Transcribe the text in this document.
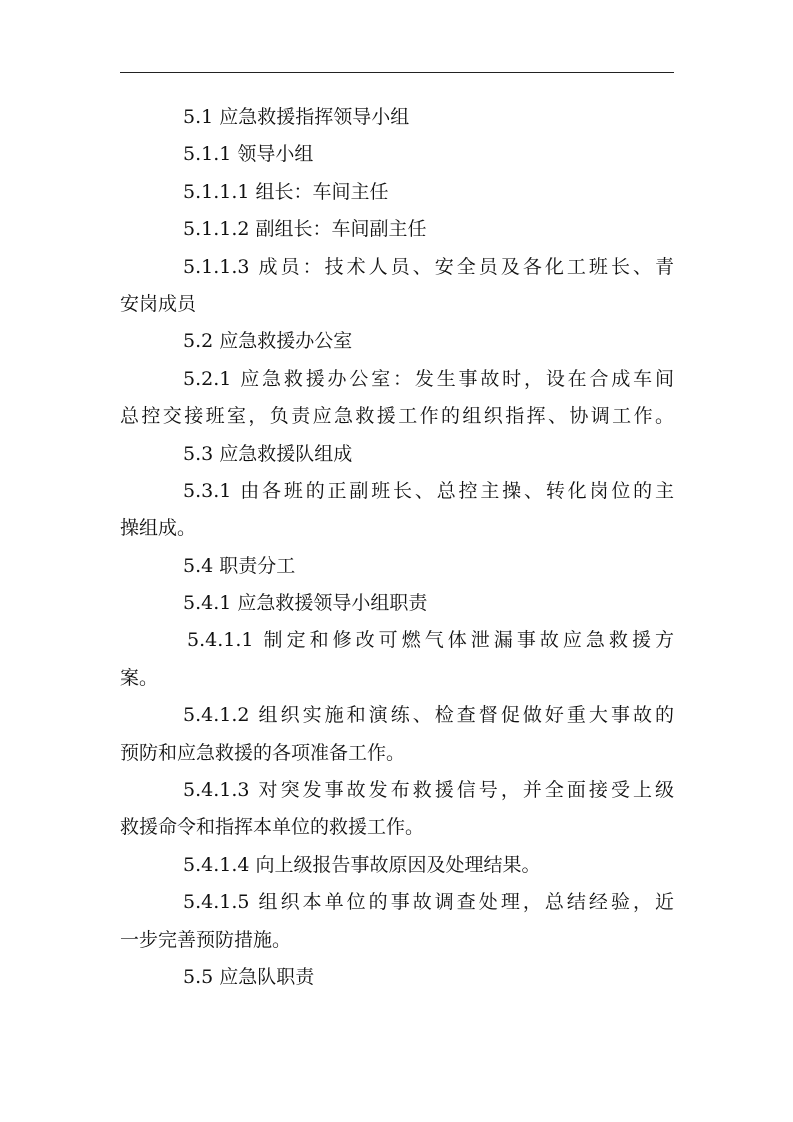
5.1 应急救援指挥领导小组

5.1.1 领导小组

5.1.1.1 组长：车间主任

5.1.1.2 副组长：车间副主任

5.1.1.3 成员：技术人员、安全员及各化工班长、青
安岗成员

5.2 应急救援办公室

5.2.1 应急救援办公室：发生事故时，设在合成车间
总控交接班室，负责应急救援工作的组织指挥、协调工作。

5.3 应急救援队组成

5.3.1 由各班的正副班长、总控主操、转化岗位的主
操组成。

5.4 职责分工

5.4.1 应急救援领导小组职责

5.4.1.1 制定和修改可燃气体泄漏事故应急救援方
案。

5.4.1.2 组织实施和演练、检查督促做好重大事故的
预防和应急救援的各项准备工作。

5.4.1.3 对突发事故发布救援信号，并全面接受上级
救援命令和指挥本单位的救援工作。

5.4.1.4 向上级报告事故原因及处理结果。

5.4.1.5 组织本单位的事故调查处理，总结经验，近
一步完善预防措施。

5.5 应急队职责
